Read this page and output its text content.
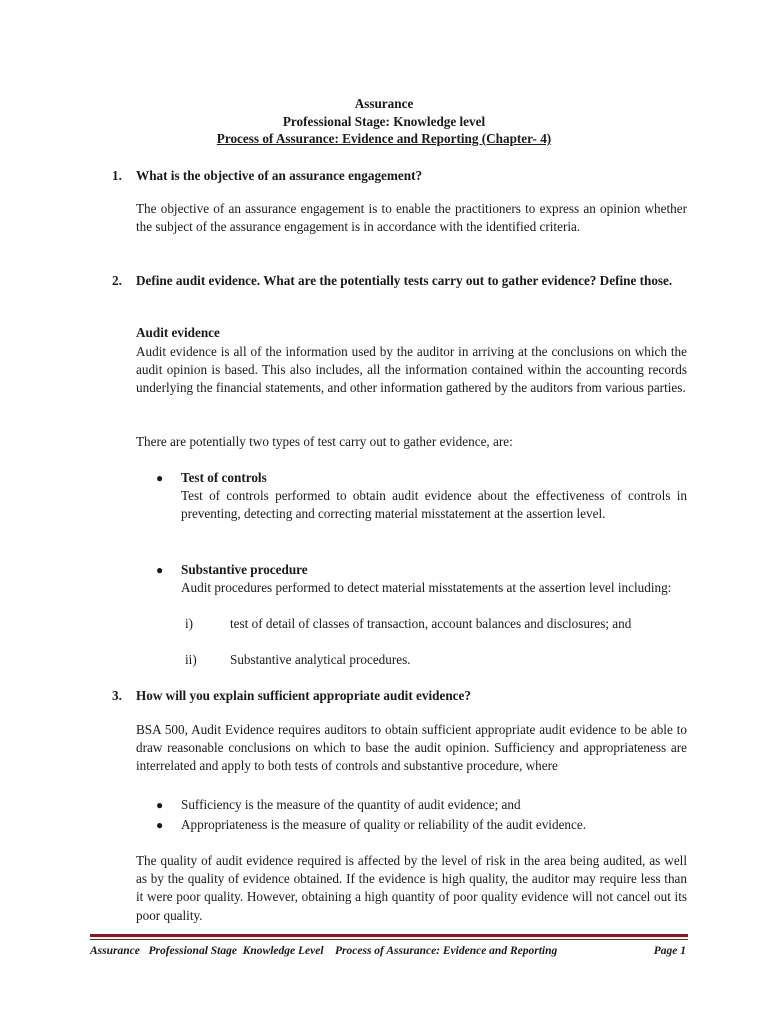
Assurance
Professional Stage: Knowledge level
Process of Assurance: Evidence and Reporting (Chapter- 4)
1. What is the objective of an assurance engagement?
The objective of an assurance engagement is to enable the practitioners to express an opinion whether the subject of the assurance engagement is in accordance with the identified criteria.
2. Define audit evidence. What are the potentially tests carry out to gather evidence? Define those.
Audit evidence
Audit evidence is all of the information used by the auditor in arriving at the conclusions on which the audit opinion is based. This also includes, all the information contained within the accounting records underlying the financial statements, and other information gathered by the auditors from various parties.
There are potentially two types of test carry out to gather evidence, are:
● Test of controls
Test of controls performed to obtain audit evidence about the effectiveness of controls in preventing, detecting and correcting material misstatement at the assertion level.
● Substantive procedure
Audit procedures performed to detect material misstatements at the assertion level including:
i)	test of detail of classes of transaction, account balances and disclosures; and
ii)	Substantive analytical procedures.
3. How will you explain sufficient appropriate audit evidence?
BSA 500, Audit Evidence requires auditors to obtain sufficient appropriate audit evidence to be able to draw reasonable conclusions on which to base the audit opinion. Sufficiency and appropriateness are interrelated and apply to both tests of controls and substantive procedure, where
● Sufficiency is the measure of the quantity of audit evidence; and
● Appropriateness is the measure of quality or reliability of the audit evidence.
The quality of audit evidence required is affected by the level of risk in the area being audited, as well as by the quality of evidence obtained. If the evidence is high quality, the auditor may require less than it were poor quality. However, obtaining a high quantity of poor quality evidence will not cancel out its poor quality.
Assurance   Professional Stage  Knowledge Level    Process of Assurance: Evidence and Reporting	Page 1
